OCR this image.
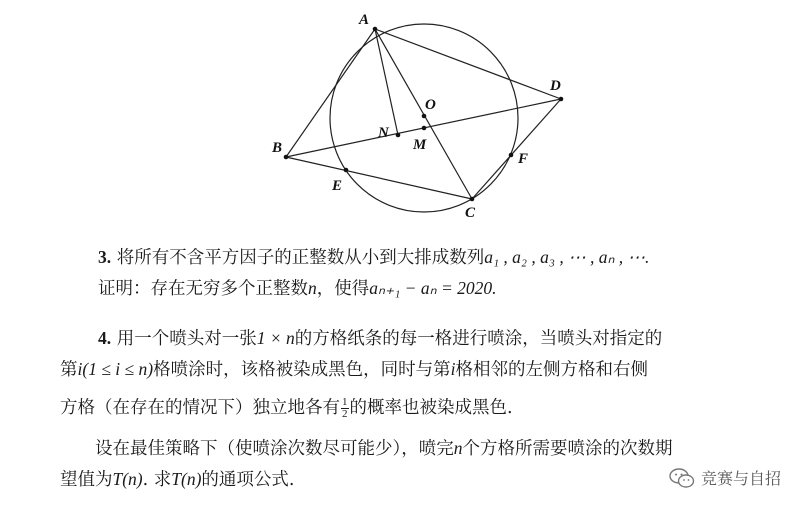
A
B
C
D
E
F
M
N
O
3. 将所有不含平方因子的正整数从小到大排成数列a₁ , a₂ , a₃ , ⋯ , aₙ , ⋯.
证明：存在无穷多个正整数n，使得aₙ₊₁ − aₙ = 2020.
4. 用一个喷头对一张1 × n的方格纸条的每一格进行喷涂，当喷头对指定的
第i(1 ≤ i ≤ n)格喷涂时，该格被染成黑色，同时与第i格相邻的左侧方格和右侧
方格（在存在的情况下）独立地各有 $\frac{1}{2}$ 的概率也被染成黑色.
设在最佳策略下（使喷涂次数尽可能少），喷完n个方格所需要喷涂的次数期
望值为T(n). 求T(n)的通项公式.	竞赛与自招
